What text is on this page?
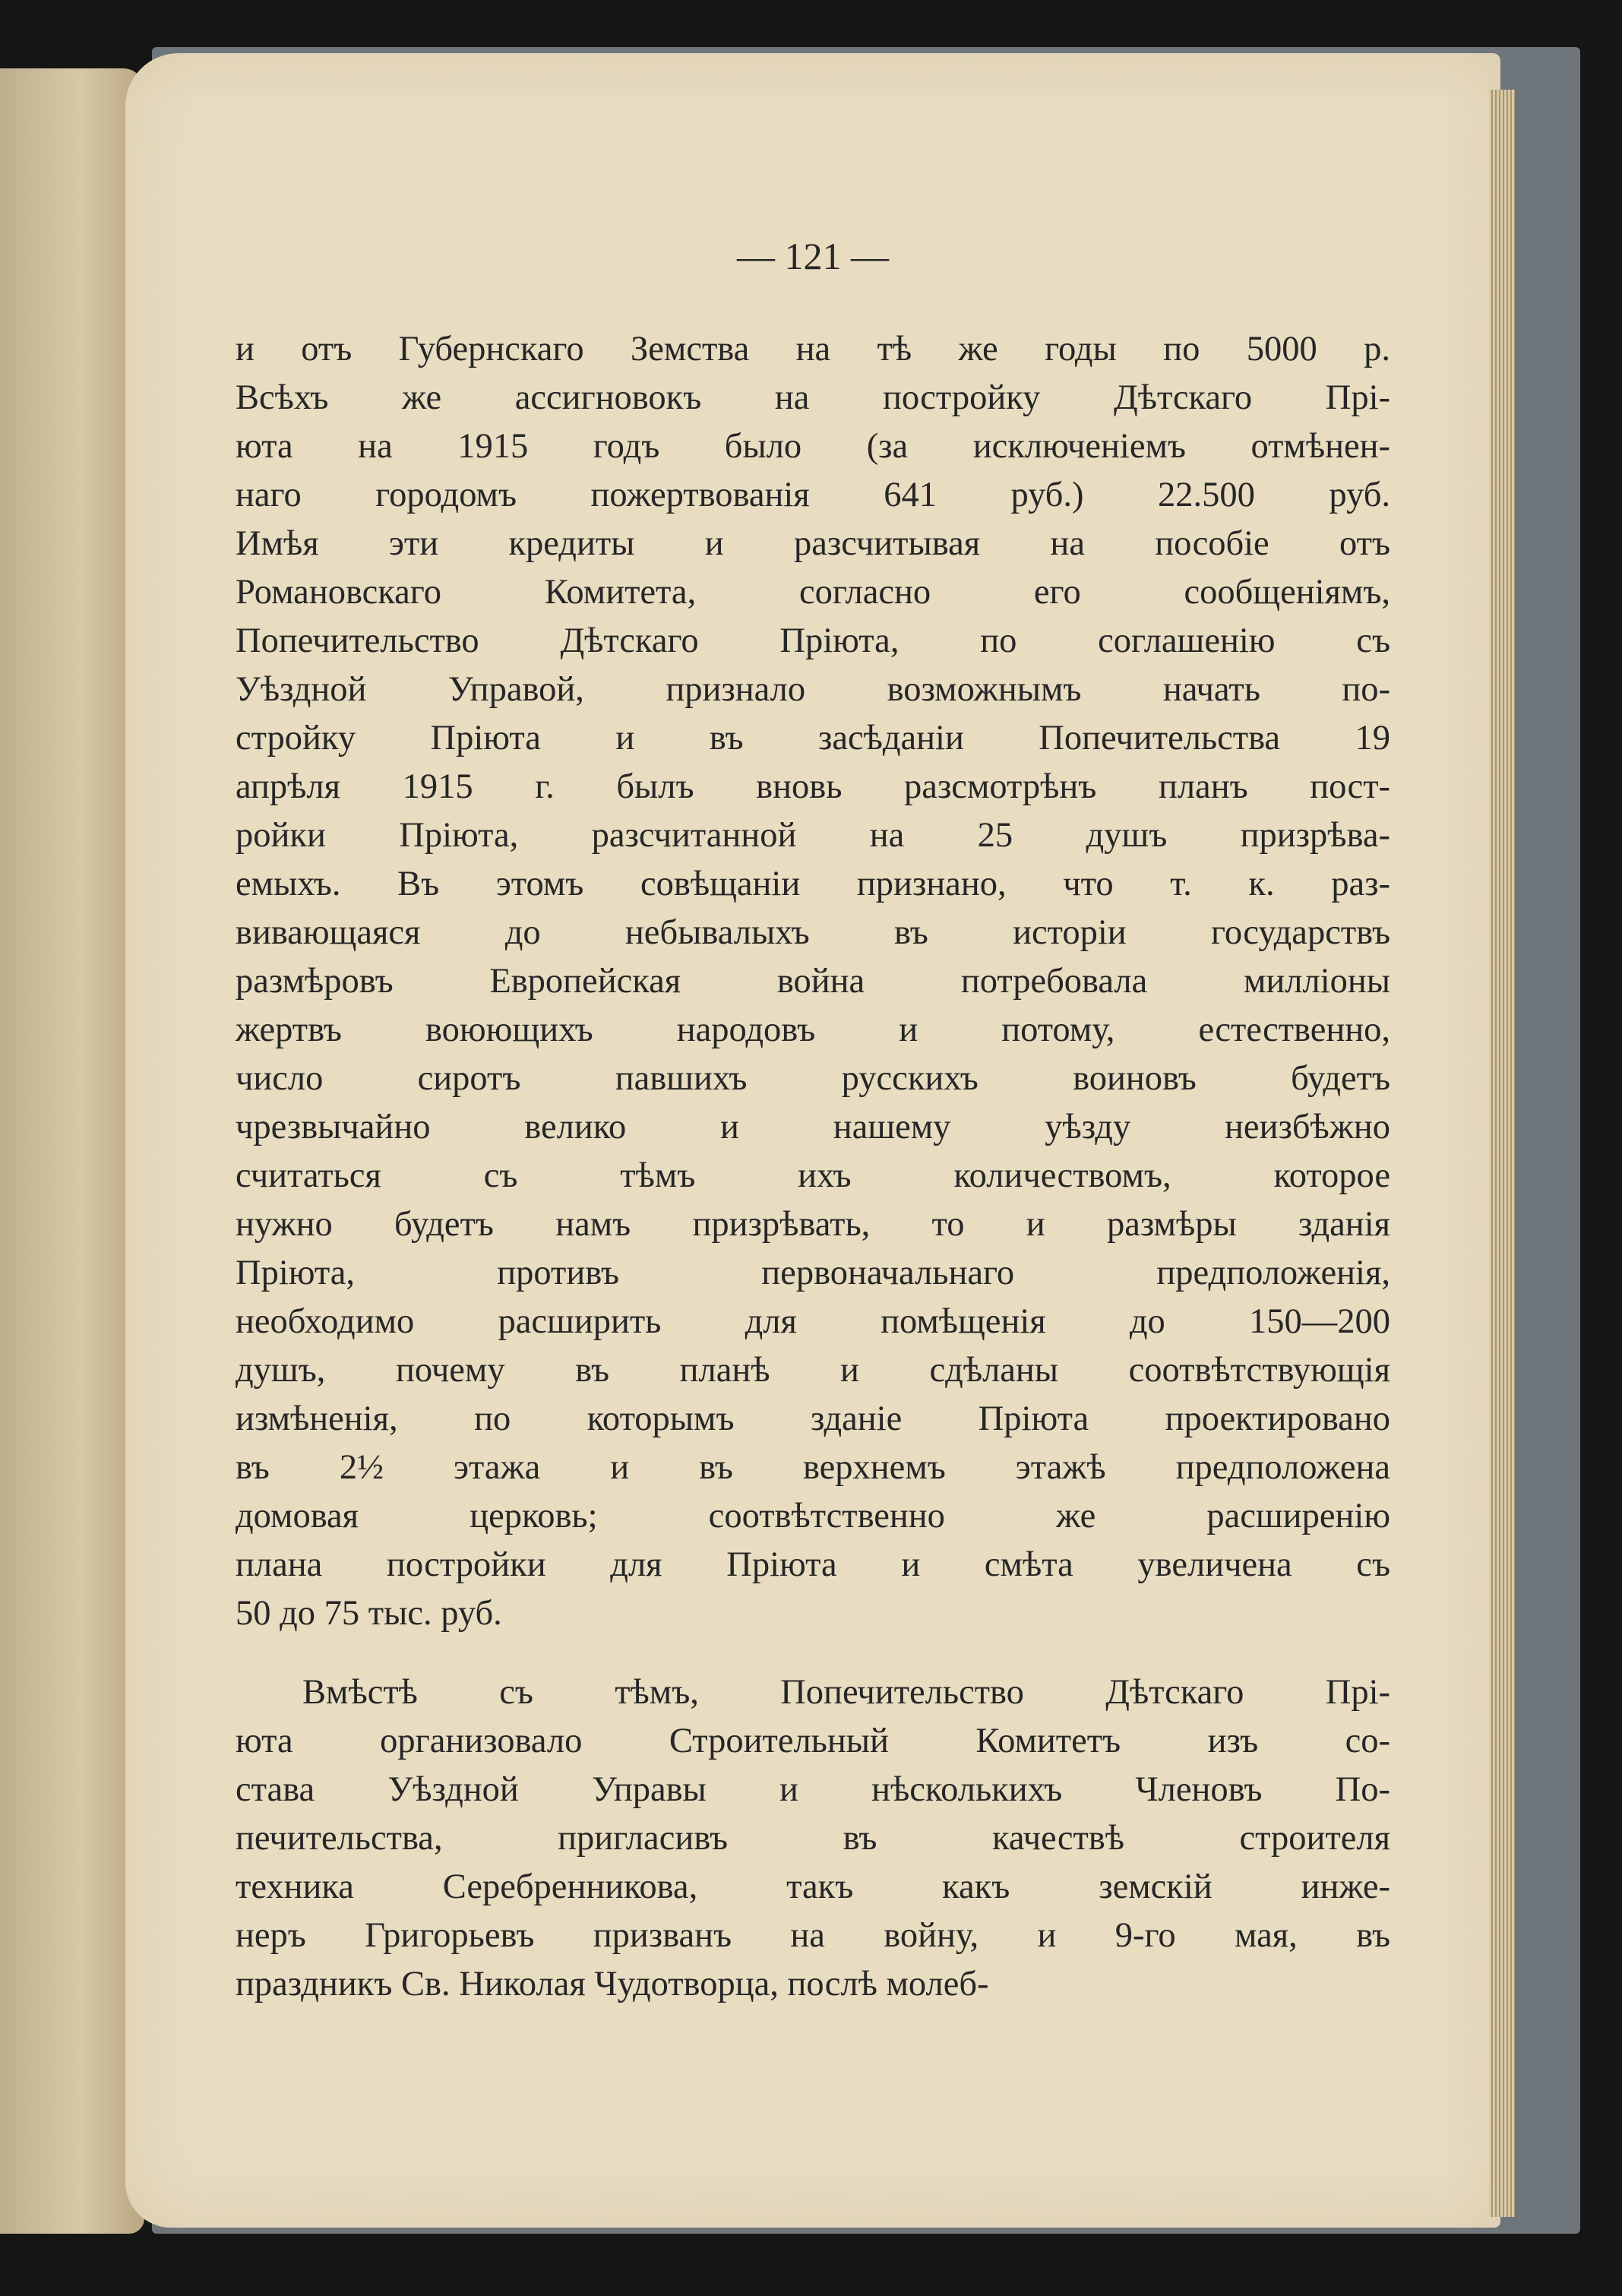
— 121 —
и отъ Губернскаго Земства на тѣ же годы по 5000 р.
Всѣхъ же ассигновокъ на постройку Дѣтскаго Прі-
юта на 1915 годъ было (за исключеніемъ отмѣнен-
наго городомъ пожертвованія 641 руб.) 22.500 руб.
Имѣя эти кредиты и разсчитывая на пособіе отъ
Романовскаго Комитета, согласно его сообщеніямъ,
Попечительство Дѣтскаго Пріюта, по соглашенію съ
Уѣздной Управой, признало возможнымъ начать по-
стройку Пріюта и въ засѣданіи Попечительства 19
апрѣля 1915 г. былъ вновь разсмотрѣнъ планъ пост-
ройки Пріюта, разсчитанной на 25 душъ призрѣва-
емыхъ. Въ этомъ совѣщаніи признано, что т. к. раз-
вивающаяся до небывалыхъ въ исторіи государствъ
размѣровъ Европейская война потребовала милліоны
жертвъ воюющихъ народовъ и потому, естественно,
число сиротъ павшихъ русскихъ воиновъ будетъ
чрезвычайно велико и нашему уѣзду неизбѣжно
считаться съ тѣмъ ихъ количествомъ, которое
нужно будетъ намъ призрѣвать, то и размѣры зданія
Пріюта, противъ первоначальнаго предположенія,
необходимо расширить для помѣщенія до 150—200
душъ, почему въ планѣ и сдѣланы соотвѣтствующія
измѣненія, по которымъ зданіе Пріюта проектировано
въ 2½ этажа и въ верхнемъ этажѣ предположена
домовая церковь; соотвѣтственно же расширенію
плана постройки для Пріюта и смѣта увеличена съ
50 до 75 тыс. руб.
Вмѣстѣ съ тѣмъ, Попечительство Дѣтскаго Прі-
юта организовало Строительный Комитетъ изъ со-
става Уѣздной Управы и нѣсколькихъ Членовъ По-
печительства, пригласивъ въ качествѣ строителя
техника Серебренникова, такъ какъ земскій инже-
неръ Григорьевъ призванъ на войну, и 9-го мая, въ
праздникъ Св. Николая Чудотворца, послѣ молеб-
